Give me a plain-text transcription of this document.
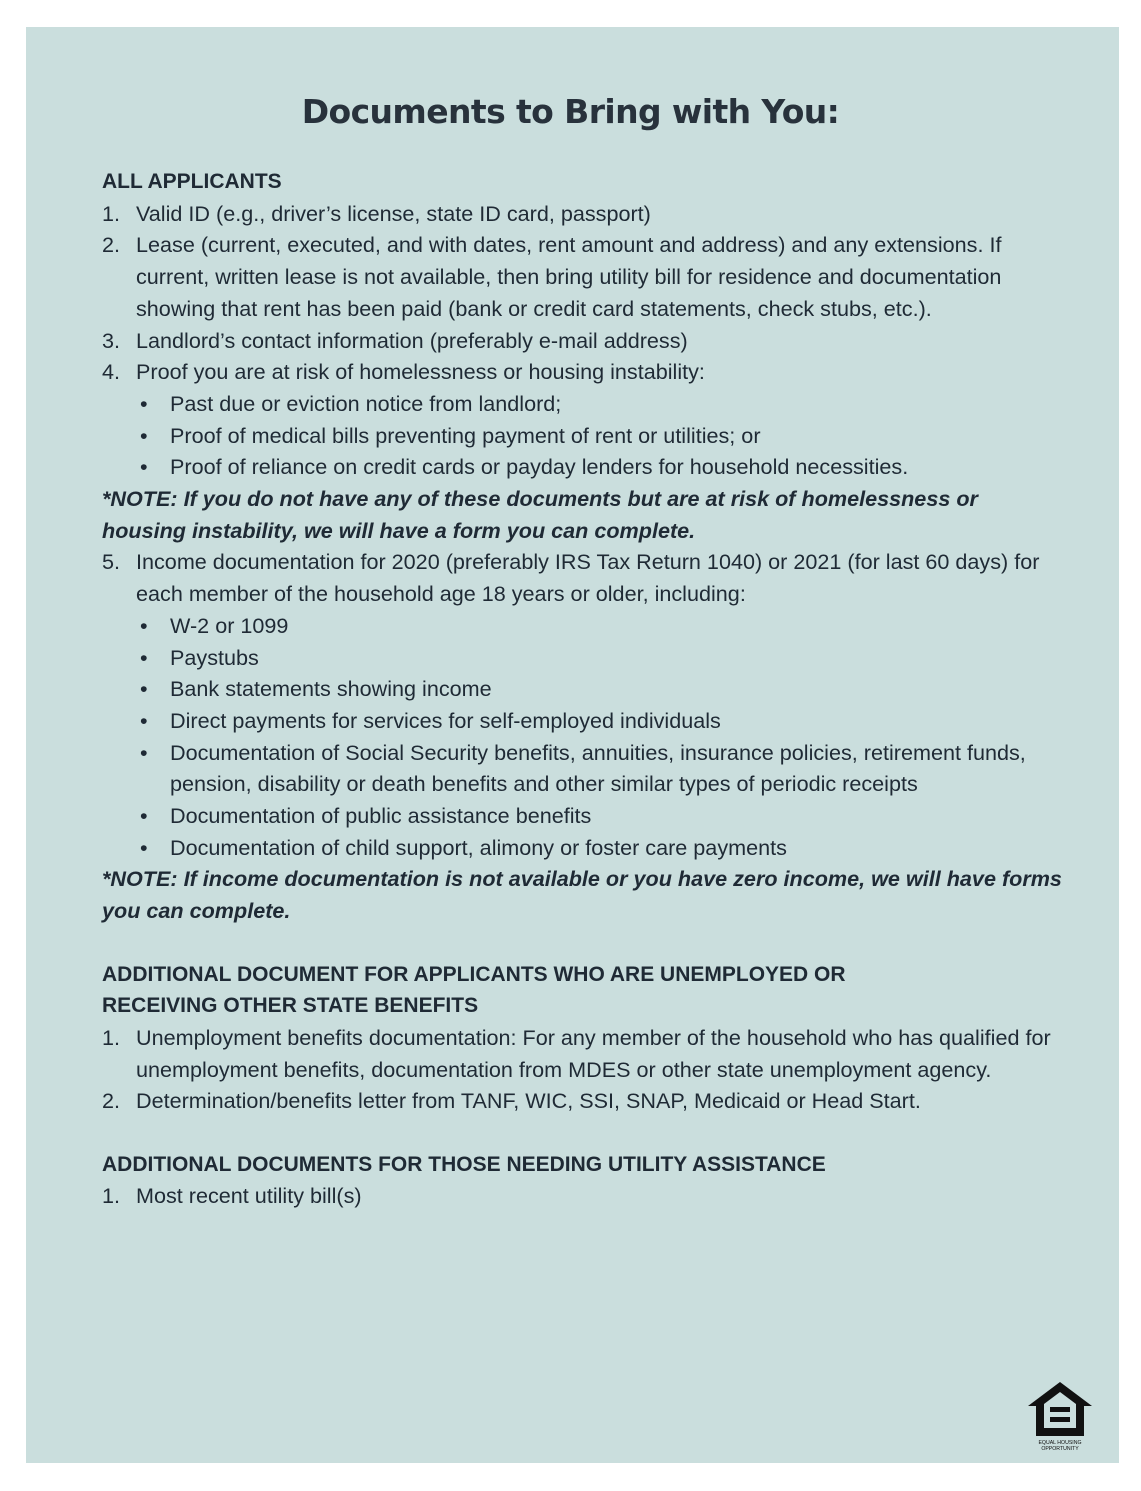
Documents to Bring with You:

ALL APPLICANTS

1. Valid ID (e.g., driver’s license, state ID card, passport)
2. Lease (current, executed, and with dates, rent amount and address) and any extensions. If current, written lease is not available, then bring utility bill for residence and documentation showing that rent has been paid (bank or credit card statements, check stubs, etc.).
3. Landlord’s contact information (preferably e-mail address)
4. Proof you are at risk of homelessness or housing instability:
• Past due or eviction notice from landlord;
• Proof of medical bills preventing payment of rent or utilities; or
• Proof of reliance on credit cards or payday lenders for household necessities.

*NOTE: If you do not have any of these documents but are at risk of homelessness or housing instability, we will have a form you can complete.

5. Income documentation for 2020 (preferably IRS Tax Return 1040) or 2021 (for last 60 days) for each member of the household age 18 years or older, including:
• W-2 or 1099
• Paystubs
• Bank statements showing income
• Direct payments for services for self-employed individuals
• Documentation of Social Security benefits, annuities, insurance policies, retirement funds, pension, disability or death benefits and other similar types of periodic receipts
• Documentation of public assistance benefits
• Documentation of child support, alimony or foster care payments

*NOTE: If income documentation is not available or you have zero income, we will have forms you can complete.

ADDITIONAL DOCUMENT FOR APPLICANTS WHO ARE UNEMPLOYED OR
RECEIVING OTHER STATE BENEFITS

1. Unemployment benefits documentation: For any member of the household who has qualified for unemployment benefits, documentation from MDES or other state unemployment agency.
2. Determination/benefits letter from TANF, WIC, SSI, SNAP, Medicaid or Head Start.

ADDITIONAL DOCUMENTS FOR THOSE NEEDING UTILITY ASSISTANCE

1. Most recent utility bill(s)
EQUAL HOUSING
OPPORTUNITY
